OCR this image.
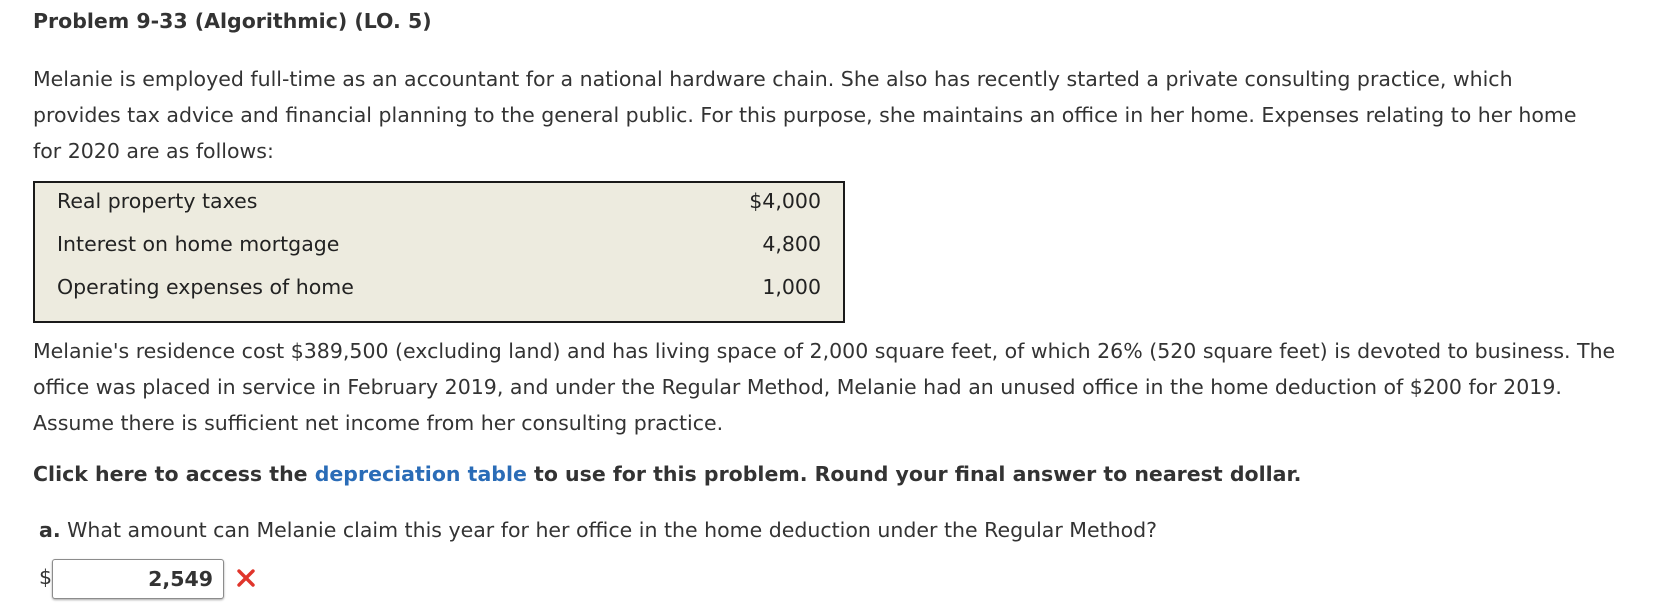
Problem 9-33 (Algorithmic) (LO. 5)
Melanie is employed full-time as an accountant for a national hardware chain. She also has recently started a private consulting practice, which provides tax advice and financial planning to the general public. For this purpose, she maintains an office in her home. Expenses relating to her home for 2020 are as follows:
Real property taxes	$4,000
Interest on home mortgage	4,800
Operating expenses of home	1,000
Melanie's residence cost $389,500 (excluding land) and has living space of 2,000 square feet, of which 26% (520 square feet) is devoted to business. The office was placed in service in February 2019, and under the Regular Method, Melanie had an unused office in the home deduction of $200 for 2019. Assume there is sufficient net income from her consulting practice.
Click here to access the depreciation table to use for this problem. Round your final answer to nearest dollar.
a. What amount can Melanie claim this year for her office in the home deduction under the Regular Method?
$
2,549
